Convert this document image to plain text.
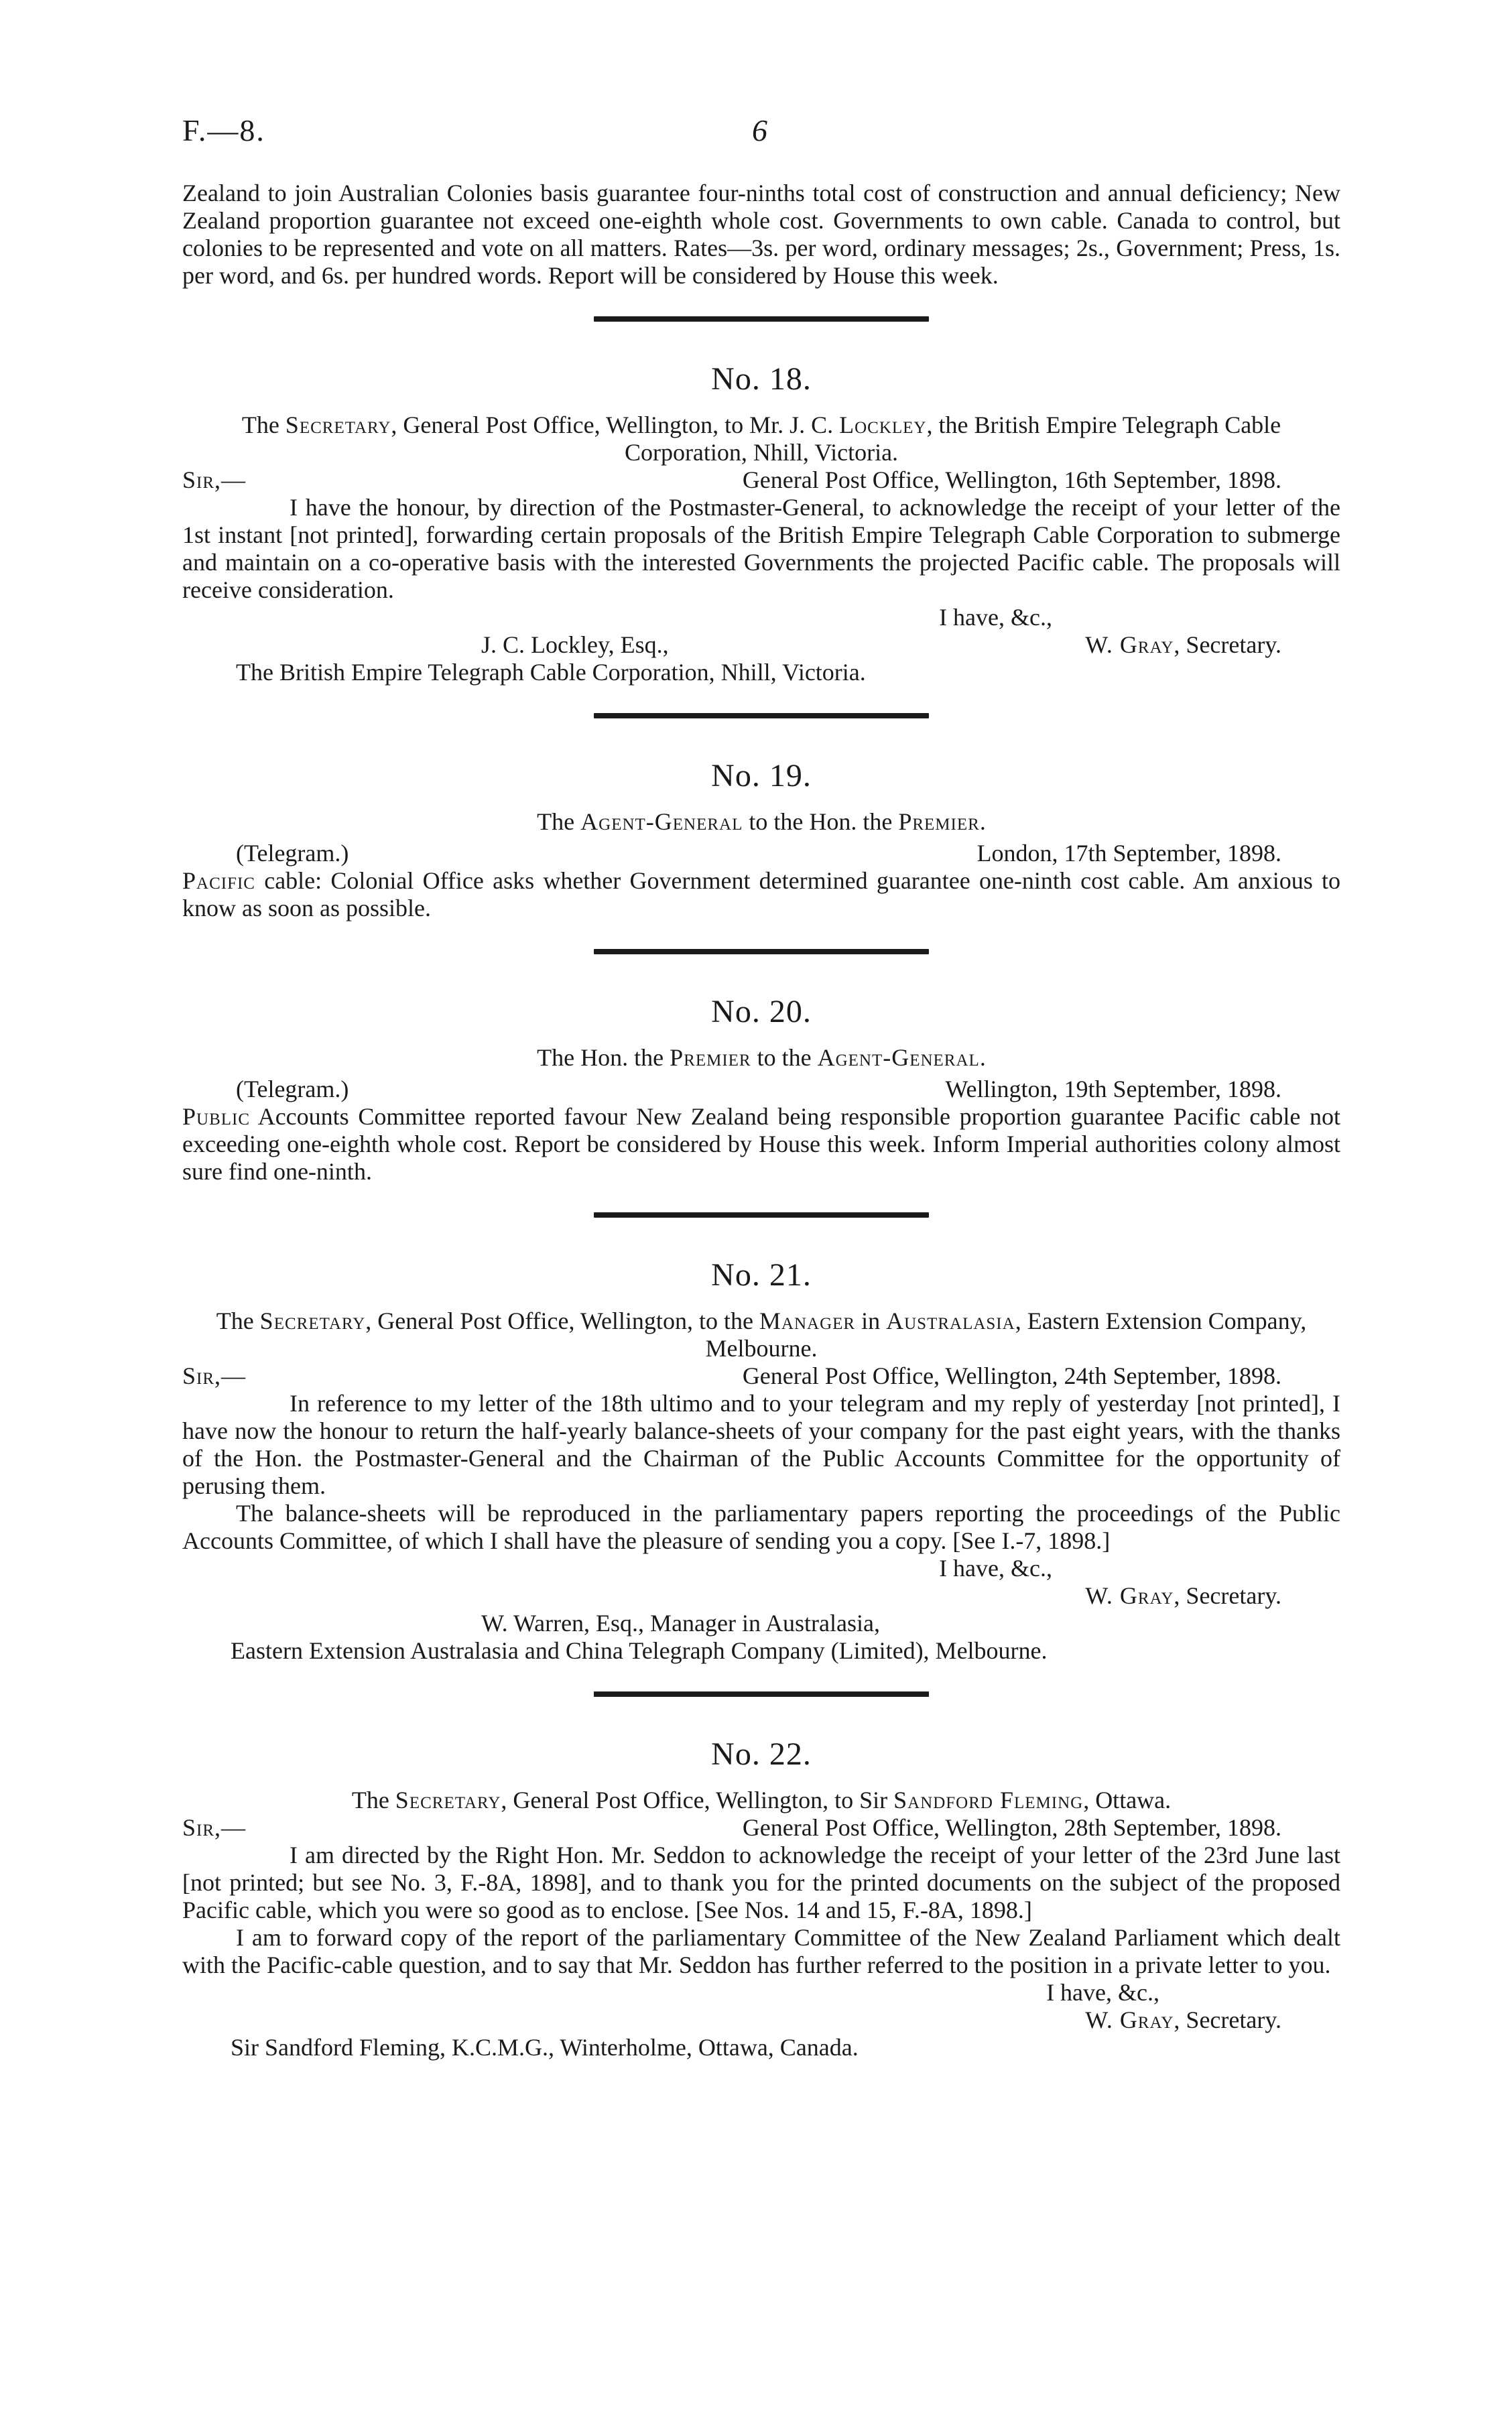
F.—8.	6

Zealand to join Australian Colonies basis guarantee four-ninths total cost of construction and annual deficiency; New Zealand proportion guarantee not exceed one-eighth whole cost. Governments to own cable. Canada to control, but colonies to be represented and vote on all matters. Rates—3s. per word, ordinary messages; 2s., Government; Press, 1s. per word, and 6s. per hundred words. Report will be considered by House this week.

No. 18.

The Secretary, General Post Office, Wellington, to Mr. J. C. Lockley, the British Empire Telegraph Cable Corporation, Nhill, Victoria.

Sir,—	General Post Office, Wellington, 16th September, 1898.

I have the honour, by direction of the Postmaster-General, to acknowledge the receipt of your letter of the 1st instant [not printed], forwarding certain proposals of the British Empire Telegraph Cable Corporation to submerge and maintain on a co-operative basis with the interested Governments the projected Pacific cable. The proposals will receive consideration.

I have, &c.,
J. C. Lockley, Esq.,	W. Gray, Secretary.
The British Empire Telegraph Cable Corporation, Nhill, Victoria.
No. 19.

The Agent-General to the Hon. the Premier.

(Telegram.)	London, 17th September, 1898.

Pacific cable: Colonial Office asks whether Government determined guarantee one-ninth cost cable. Am anxious to know as soon as possible.

No. 20.

The Hon. the Premier to the Agent-General.

(Telegram.)	Wellington, 19th September, 1898.

Public Accounts Committee reported favour New Zealand being responsible proportion guarantee Pacific cable not exceeding one-eighth whole cost. Report be considered by House this week. Inform Imperial authorities colony almost sure find one-ninth.

No. 21.

The Secretary, General Post Office, Wellington, to the Manager in Australasia, Eastern Extension Company, Melbourne.

Sir,—	General Post Office, Wellington, 24th September, 1898.

In reference to my letter of the 18th ultimo and to your telegram and my reply of yesterday [not printed], I have now the honour to return the half-yearly balance-sheets of your company for the past eight years, with the thanks of the Hon. the Postmaster-General and the Chairman of the Public Accounts Committee for the opportunity of perusing them.

The balance-sheets will be reproduced in the parliamentary papers reporting the proceedings of the Public Accounts Committee, of which I shall have the pleasure of sending you a copy. [See I.-7, 1898.]

I have, &c.,
W. Gray, Secretary.
W. Warren, Esq., Manager in Australasia,
Eastern Extension Australasia and China Telegraph Company (Limited), Melbourne.
No. 22.

The Secretary, General Post Office, Wellington, to Sir Sandford Fleming, Ottawa.

Sir,—	General Post Office, Wellington, 28th September, 1898.

I am directed by the Right Hon. Mr. Seddon to acknowledge the receipt of your letter of the 23rd June last [not printed; but see No. 3, F.-8A, 1898], and to thank you for the printed documents on the subject of the proposed Pacific cable, which you were so good as to enclose. [See Nos. 14 and 15, F.-8A, 1898.]

I am to forward copy of the report of the parliamentary Committee of the New Zealand Parliament which dealt with the Pacific-cable question, and to say that Mr. Seddon has further referred to the position in a private letter to you.

I have, &c.,
W. Gray, Secretary.
Sir Sandford Fleming, K.C.M.G., Winterholme, Ottawa, Canada.
